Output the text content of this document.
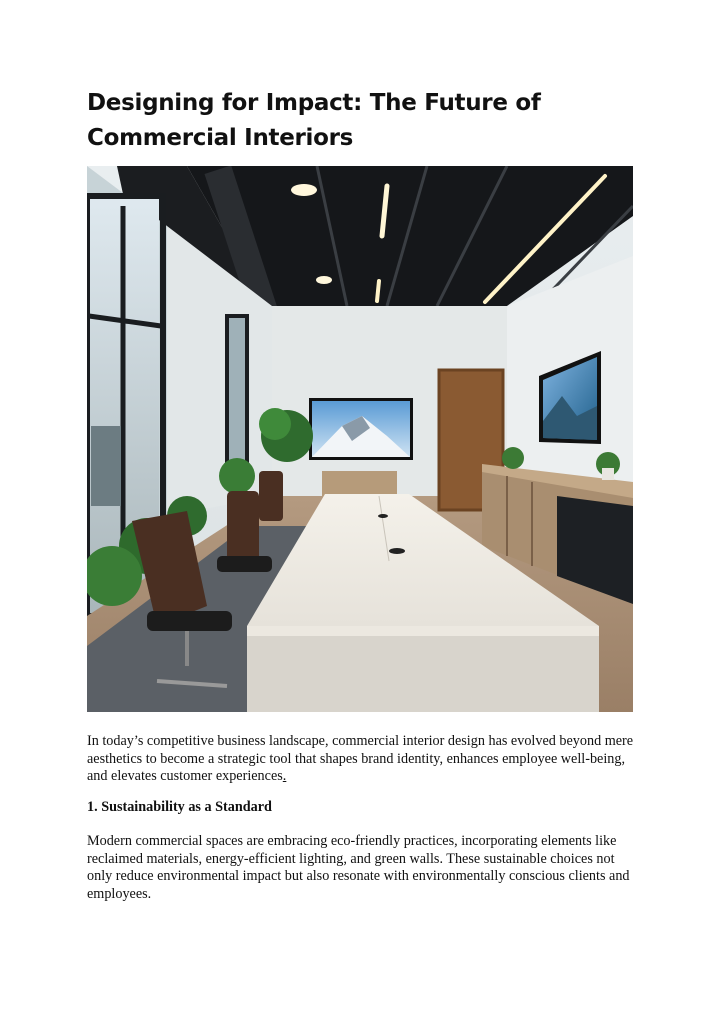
Designing for Impact: The Future of Commercial Interiors

In today’s competitive business landscape, commercial interior design has evolved beyond mere aesthetics to become a strategic tool that shapes brand identity, enhances employee well-being, and elevates customer experiences.

1. Sustainability as a Standard

Modern commercial spaces are embracing eco-friendly practices, incorporating elements like reclaimed materials, energy-efficient lighting, and green walls. These sustainable choices not only reduce environmental impact but also resonate with environmentally conscious clients and employees.
